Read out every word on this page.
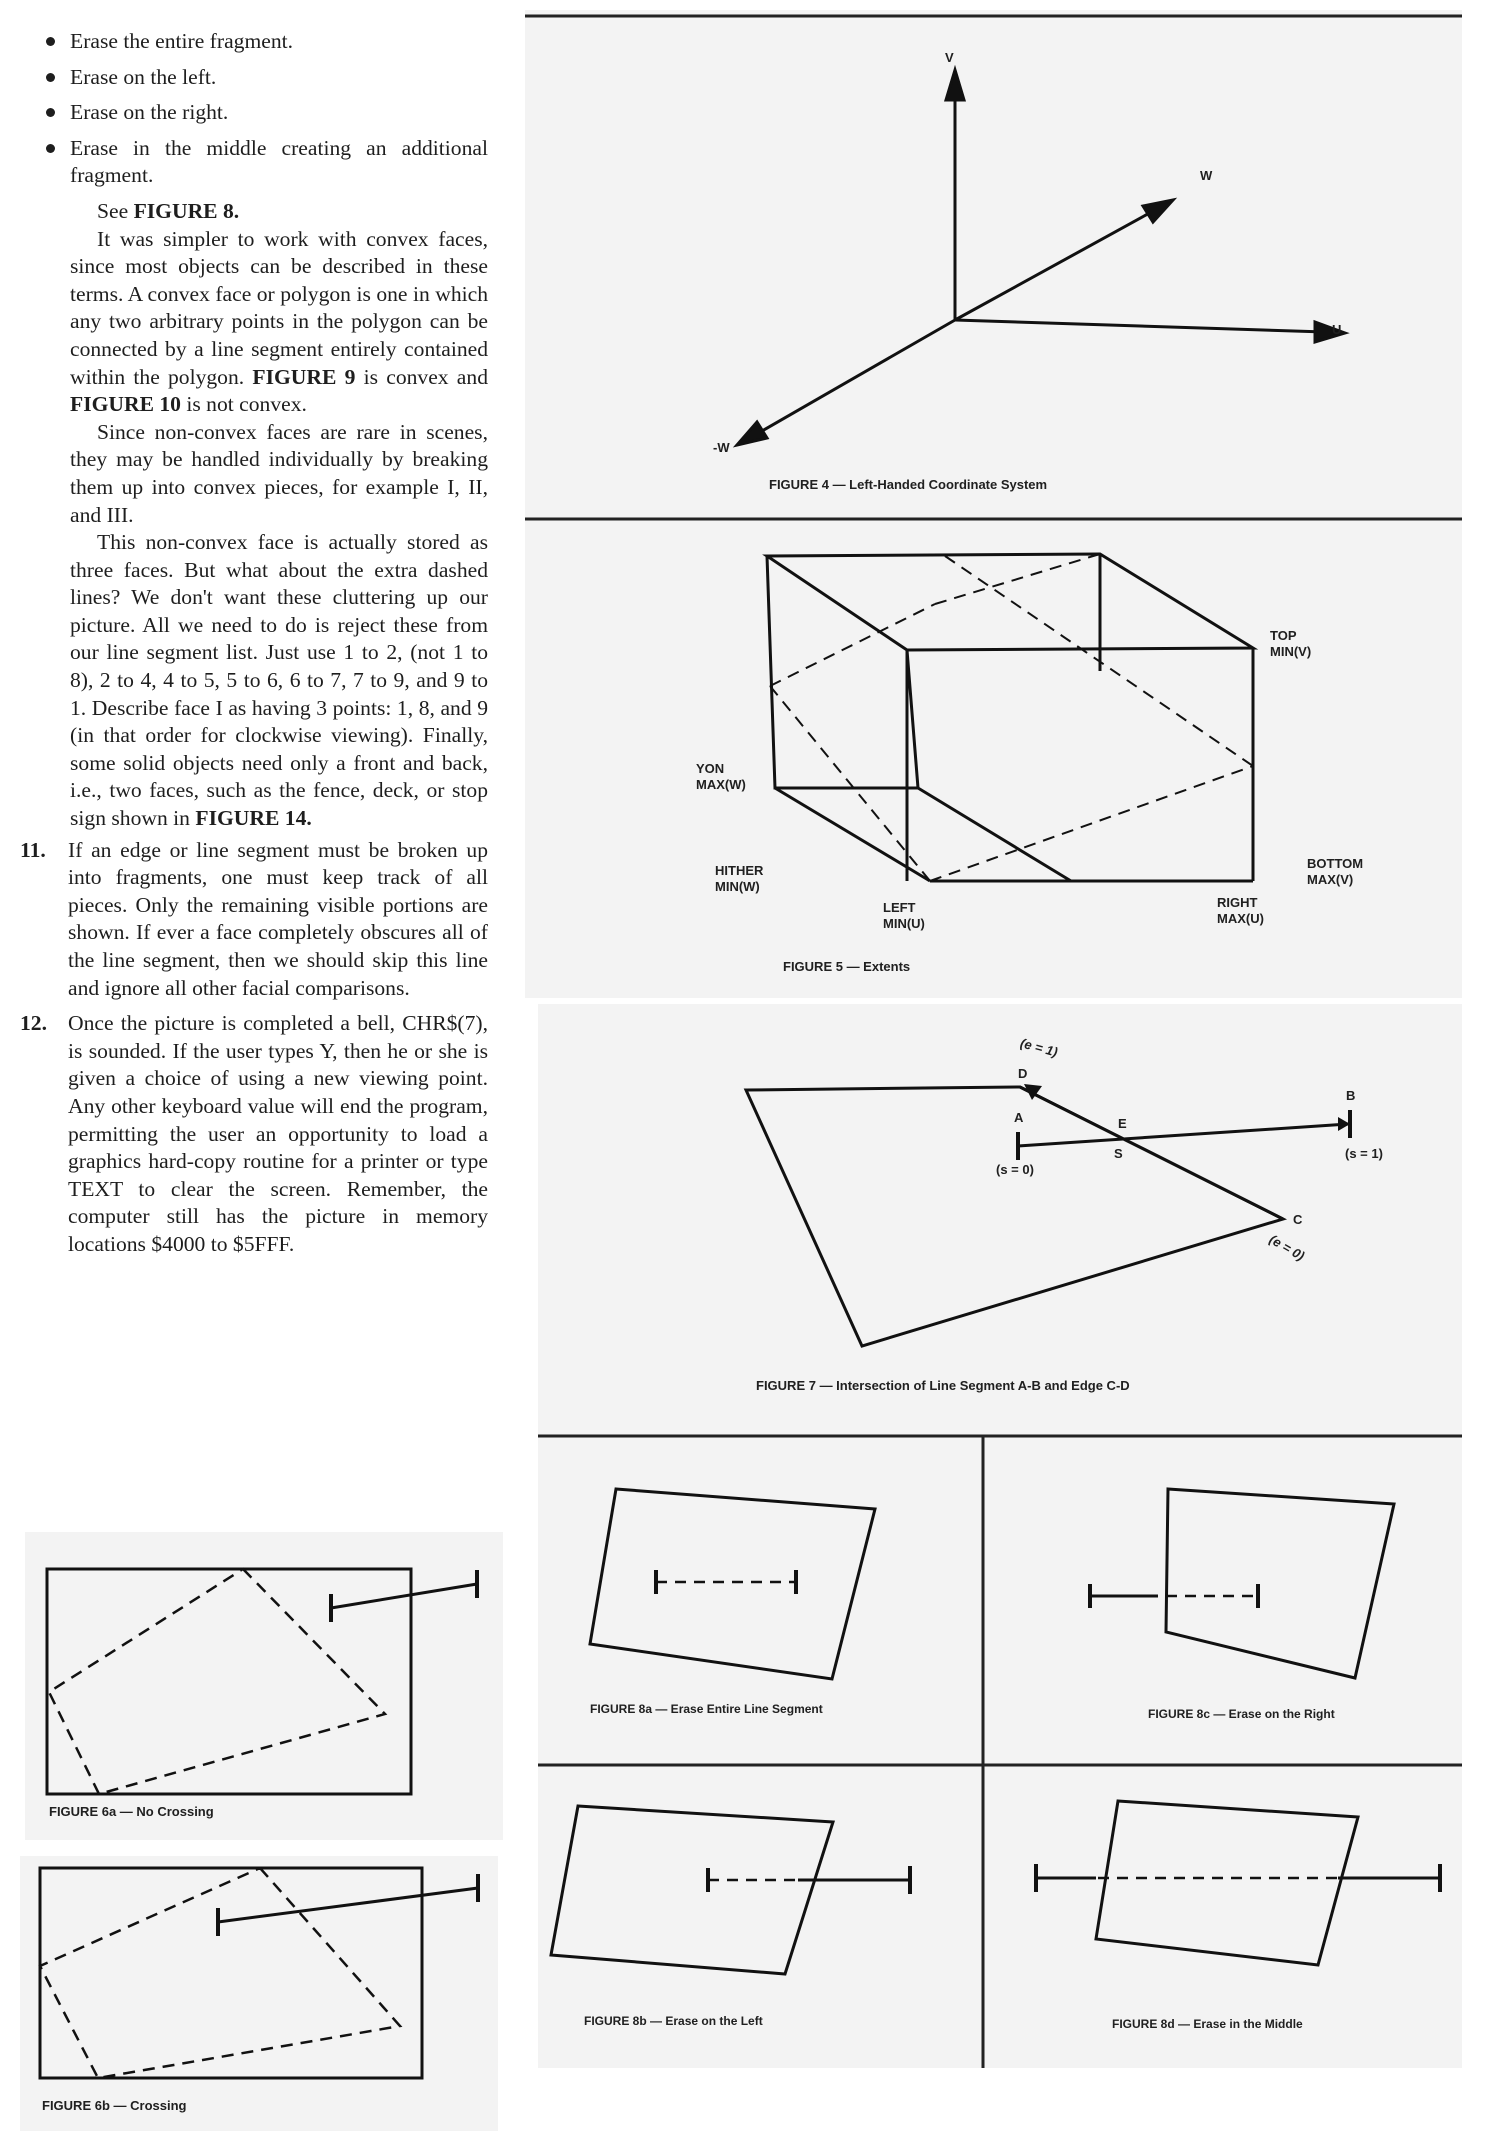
Erase the entire fragment.
Erase on the left.
Erase on the right.
Erase in the middle creating an additional fragment.

See FIGURE 8.

It was simpler to work with convex faces, since most objects can be described in these terms. A convex face or polygon is one in which any two arbitrary points in the polygon can be connected by a line segment entirely contained within the polygon. FIGURE 9 is convex and FIGURE 10 is not convex.

Since non-convex faces are rare in scenes, they may be handled individually by breaking them up into convex pieces, for example I, II, and III.

This non-convex face is actually stored as three faces. But what about the extra dashed lines? We don't want these cluttering up our picture. All we need to do is reject these from our line segment list. Just use 1 to 2, (not 1 to 8), 2 to 4, 4 to 5, 5 to 6, 6 to 7, 7 to 9, and 9 to 1. Describe face I as having 3 points: 1, 8, and 9 (in that order for clockwise viewing). Finally, some solid objects need only a front and back, i.e., two faces, such as the fence, deck, or stop sign shown in FIGURE 14.

11. If an edge or line segment must be broken up into fragments, one must keep track of all pieces. Only the remaining visible portions are shown. If ever a face completely obscures all of the line segment, then we should skip this line and ignore all other facial comparisons.
12. Once the picture is completed a bell, CHR$(7), is sounded. If the user types Y, then he or she is given a choice of using a new viewing point. Any other keyboard value will end the program, permitting the user an opportunity to load a graphics hard-copy routine for a printer or type TEXT to clear the screen. Remember, the computer still has the picture in memory locations $4000 to $5FFF.
V
W
U
-W
FIGURE 4 — Left-Handed Coordinate System
TOP
MIN(V)
YON
MAX(W)
HITHER
MIN(W)
BOTTOM
MAX(V)
LEFT
MIN(U)
RIGHT
MAX(U)
FIGURE 5 — Extents
(e = 1)
D
B
A	E
S	(s = 1)
(s = 0)
C
(e = 0)
FIGURE 7 — Intersection of Line Segment A-B and Edge C-D
FIGURE 8a — Erase Entire Line Segment	FIGURE 8c — Erase on the Right
FIGURE 8b — Erase on the Left	FIGURE 8d — Erase in the Middle
FIGURE 6a — No Crossing
FIGURE 6b — Crossing
